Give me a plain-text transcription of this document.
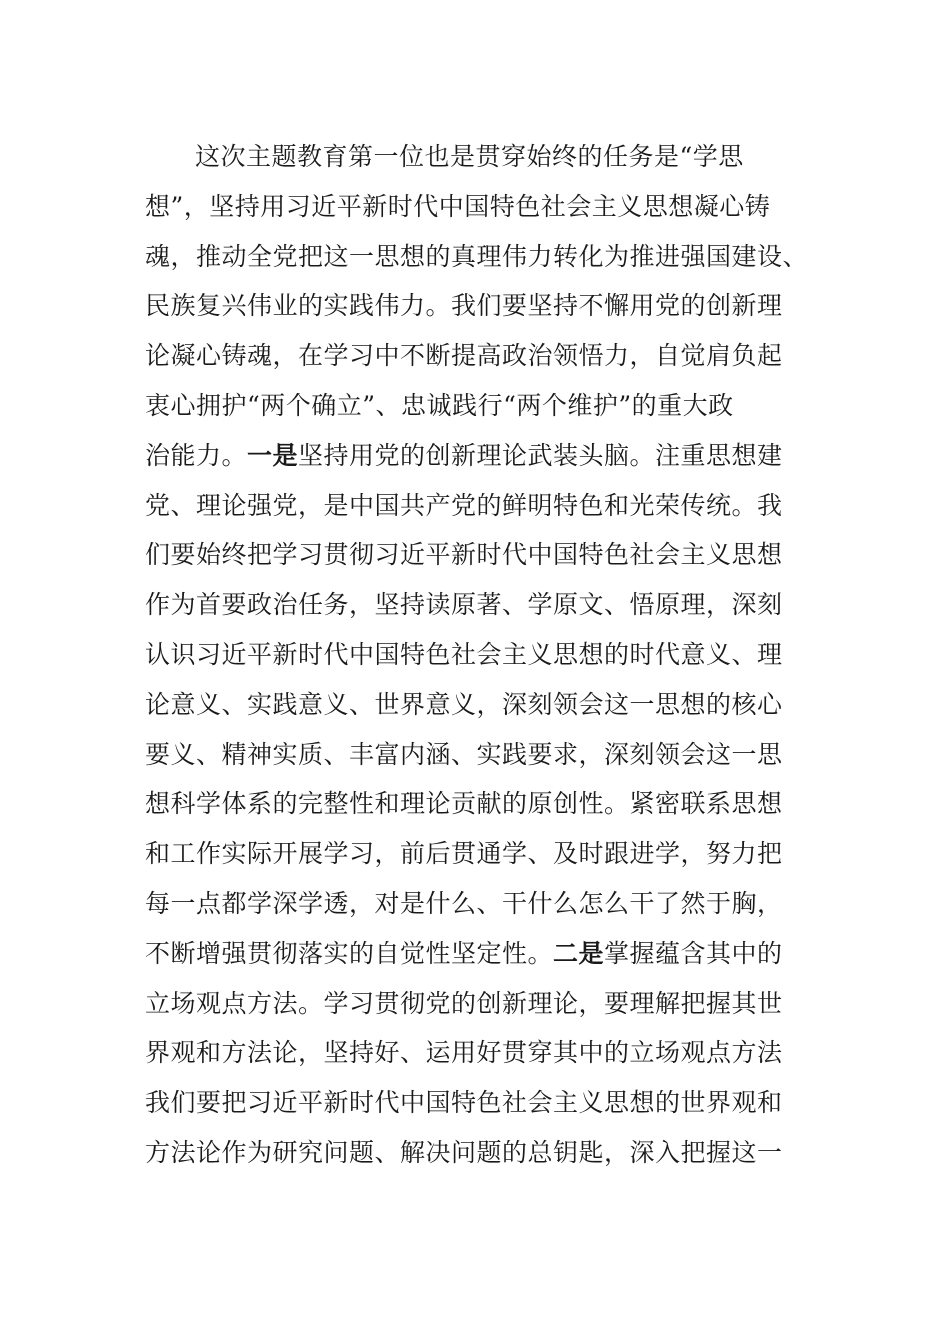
这次主题教育第一位也是贯穿始终的任务是“学思
想”，坚持用习近平新时代中国特色社会主义思想凝心铸
魂，推动全党把这一思想的真理伟力转化为推进强国建设、
民族复兴伟业的实践伟力。我们要坚持不懈用党的创新理
论凝心铸魂，在学习中不断提高政治领悟力，自觉肩负起
衷心拥护“两个确立”、忠诚践行“两个维护”的重大政
治能力。一是坚持用党的创新理论武装头脑。注重思想建
党、理论强党，是中国共产党的鲜明特色和光荣传统。我
们要始终把学习贯彻习近平新时代中国特色社会主义思想
作为首要政治任务，坚持读原著、学原文、悟原理，深刻
认识习近平新时代中国特色社会主义思想的时代意义、理
论意义、实践意义、世界意义，深刻领会这一思想的核心
要义、精神实质、丰富内涵、实践要求，深刻领会这一思
想科学体系的完整性和理论贡献的原创性。紧密联系思想
和工作实际开展学习，前后贯通学、及时跟进学，努力把
每一点都学深学透，对是什么、干什么怎么干了然于胸，
不断增强贯彻落实的自觉性坚定性。二是掌握蕴含其中的
立场观点方法。学习贯彻党的创新理论，要理解把握其世
界观和方法论，坚持好、运用好贯穿其中的立场观点方法
我们要把习近平新时代中国特色社会主义思想的世界观和
方法论作为研究问题、解决问题的总钥匙，深入把握这一
